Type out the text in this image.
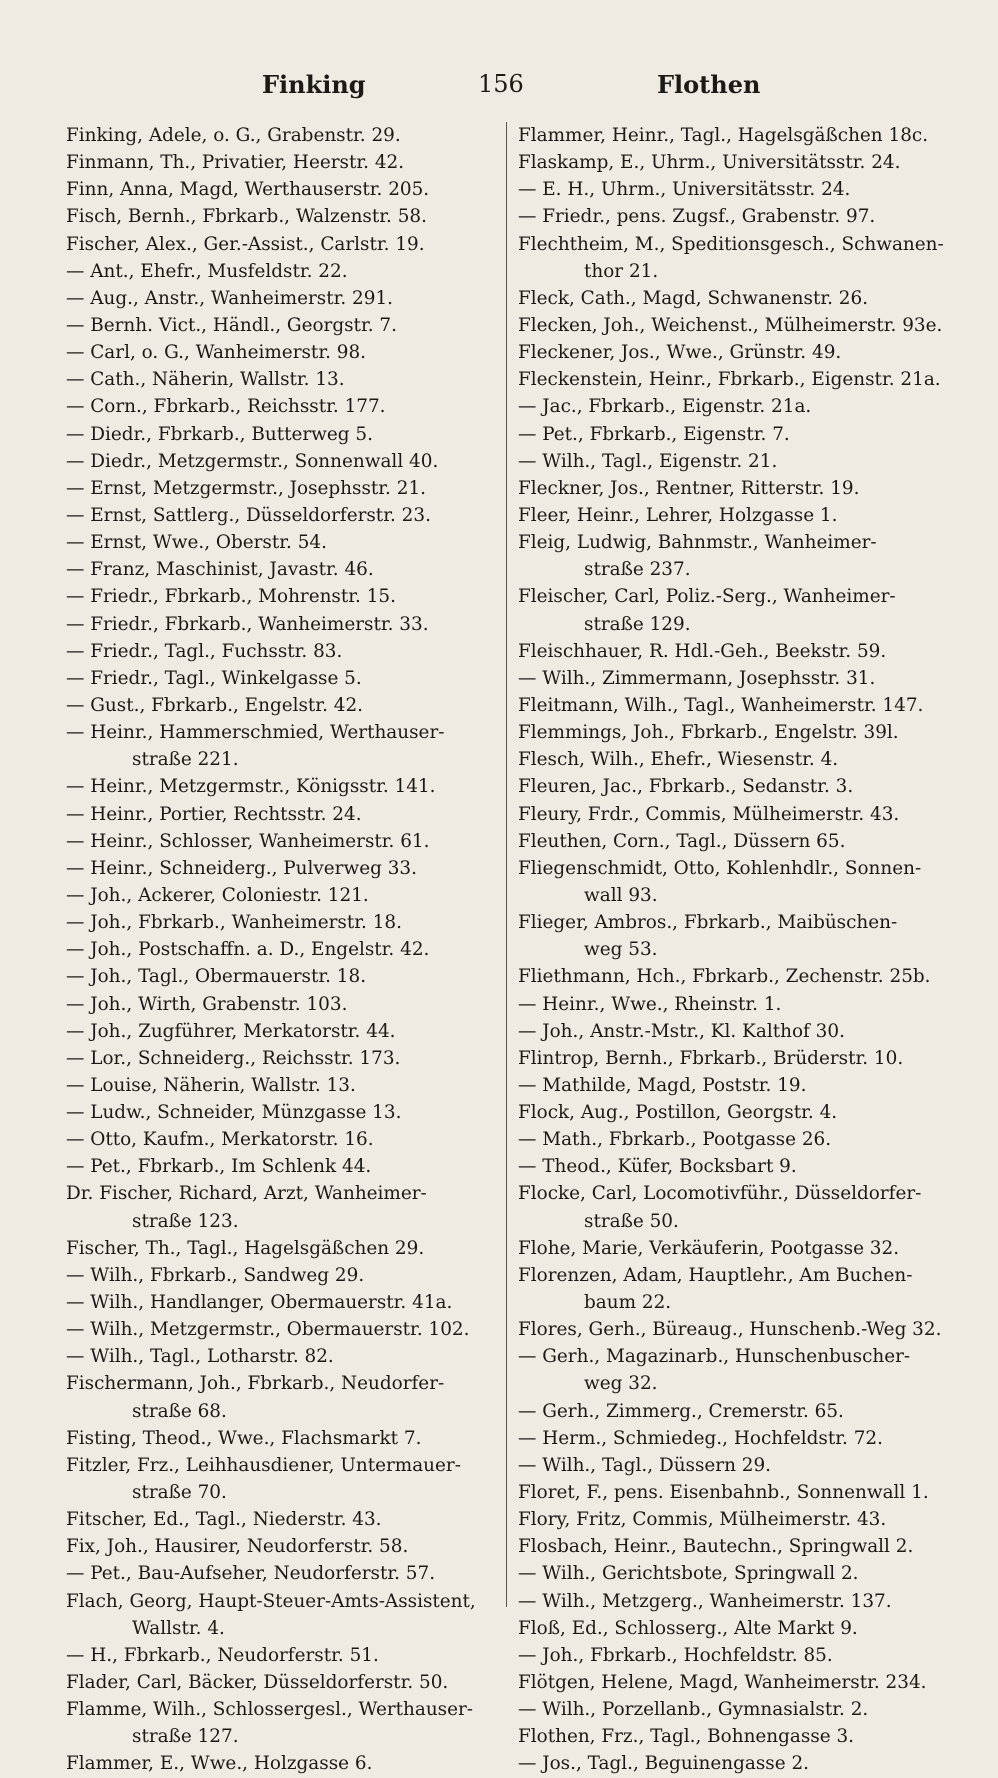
Finking	156	Flothen
Finking, Adele, o. G., Grabenstr. 29.
Finmann, Th., Privatier, Heerstr. 42.
Finn, Anna, Magd, Werthauserstr. 205.
Fisch, Bernh., Fbrkarb., Walzenstr. 58.
Fischer, Alex., Ger.-Assist., Carlstr. 19.
— Ant., Ehefr., Musfeldstr. 22.
— Aug., Anstr., Wanheimerstr. 291.
— Bernh. Vict., Händl., Georgstr. 7.
— Carl, o. G., Wanheimerstr. 98.
— Cath., Näherin, Wallstr. 13.
— Corn., Fbrkarb., Reichsstr. 177.
— Diedr., Fbrkarb., Butterweg 5.
— Diedr., Metzgermstr., Sonnenwall 40.
— Ernst, Metzgermstr., Josephsstr. 21.
— Ernst, Sattlerg., Düsseldorferstr. 23.
— Ernst, Wwe., Oberstr. 54.
— Franz, Maschinist, Javastr. 46.
— Friedr., Fbrkarb., Mohrenstr. 15.
— Friedr., Fbrkarb., Wanheimerstr. 33.
— Friedr., Tagl., Fuchsstr. 83.
— Friedr., Tagl., Winkelgasse 5.
— Gust., Fbrkarb., Engelstr. 42.
— Heinr., Hammerschmied, Werthauser-
straße 221.
— Heinr., Metzgermstr., Königsstr. 141.
— Heinr., Portier, Rechtsstr. 24.
— Heinr., Schlosser, Wanheimerstr. 61.
— Heinr., Schneiderg., Pulverweg 33.
— Joh., Ackerer, Coloniestr. 121.
— Joh., Fbrkarb., Wanheimerstr. 18.
— Joh., Postschaffn. a. D., Engelstr. 42.
— Joh., Tagl., Obermauerstr. 18.
— Joh., Wirth, Grabenstr. 103.
— Joh., Zugführer, Merkatorstr. 44.
— Lor., Schneiderg., Reichsstr. 173.
— Louise, Näherin, Wallstr. 13.
— Ludw., Schneider, Münzgasse 13.
— Otto, Kaufm., Merkatorstr. 16.
— Pet., Fbrkarb., Im Schlenk 44.
Dr. Fischer, Richard, Arzt, Wanheimer-
straße 123.
Fischer, Th., Tagl., Hagelsgäßchen 29.
— Wilh., Fbrkarb., Sandweg 29.
— Wilh., Handlanger, Obermauerstr. 41a.
— Wilh., Metzgermstr., Obermauerstr. 102.
— Wilh., Tagl., Lotharstr. 82.
Fischermann, Joh., Fbrkarb., Neudorfer-
straße 68.
Fisting, Theod., Wwe., Flachsmarkt 7.
Fitzler, Frz., Leihhausdiener, Untermauer-
straße 70.
Fitscher, Ed., Tagl., Niederstr. 43.
Fix, Joh., Hausirer, Neudorferstr. 58.
— Pet., Bau-Aufseher, Neudorferstr. 57.
Flach, Georg, Haupt-Steuer-Amts-Assistent,
Wallstr. 4.
— H., Fbrkarb., Neudorferstr. 51.
Flader, Carl, Bäcker, Düsseldorferstr. 50.
Flamme, Wilh., Schlossergesl., Werthauser-
straße 127.
Flammer, E., Wwe., Holzgasse 6.
Flammer, Heinr., Tagl., Hagelsgäßchen 18c.
Flaskamp, E., Uhrm., Universitätsstr. 24.
— E. H., Uhrm., Universitätsstr. 24.
— Friedr., pens. Zugsf., Grabenstr. 97.
Flechtheim, M., Speditionsgesch., Schwanen-
thor 21.
Fleck, Cath., Magd, Schwanenstr. 26.
Flecken, Joh., Weichenst., Mülheimerstr. 93e.
Fleckener, Jos., Wwe., Grünstr. 49.
Fleckenstein, Heinr., Fbrkarb., Eigenstr. 21a.
— Jac., Fbrkarb., Eigenstr. 21a.
— Pet., Fbrkarb., Eigenstr. 7.
— Wilh., Tagl., Eigenstr. 21.
Fleckner, Jos., Rentner, Ritterstr. 19.
Fleer, Heinr., Lehrer, Holzgasse 1.
Fleig, Ludwig, Bahnmstr., Wanheimer-
straße 237.
Fleischer, Carl, Poliz.-Serg., Wanheimer-
straße 129.
Fleischhauer, R. Hdl.-Geh., Beekstr. 59.
— Wilh., Zimmermann, Josephsstr. 31.
Fleitmann, Wilh., Tagl., Wanheimerstr. 147.
Flemmings, Joh., Fbrkarb., Engelstr. 39l.
Flesch, Wilh., Ehefr., Wiesenstr. 4.
Fleuren, Jac., Fbrkarb., Sedanstr. 3.
Fleury, Frdr., Commis, Mülheimerstr. 43.
Fleuthen, Corn., Tagl., Düssern 65.
Fliegenschmidt, Otto, Kohlenhdlr., Sonnen-
wall 93.
Flieger, Ambros., Fbrkarb., Maibüschen-
weg 53.
Fliethmann, Hch., Fbrkarb., Zechenstr. 25b.
— Heinr., Wwe., Rheinstr. 1.
— Joh., Anstr.-Mstr., Kl. Kalthof 30.
Flintrop, Bernh., Fbrkarb., Brüderstr. 10.
— Mathilde, Magd, Poststr. 19.
Flock, Aug., Postillon, Georgstr. 4.
— Math., Fbrkarb., Pootgasse 26.
— Theod., Küfer, Bocksbart 9.
Flocke, Carl, Locomotivführ., Düsseldorfer-
straße 50.
Flohe, Marie, Verkäuferin, Pootgasse 32.
Florenzen, Adam, Hauptlehr., Am Buchen-
baum 22.
Flores, Gerh., Büreaug., Hunschenb.-Weg 32.
— Gerh., Magazinarb., Hunschenbuscher-
weg 32.
— Gerh., Zimmerg., Cremerstr. 65.
— Herm., Schmiedeg., Hochfeldstr. 72.
— Wilh., Tagl., Düssern 29.
Floret, F., pens. Eisenbahnb., Sonnenwall 1.
Flory, Fritz, Commis, Mülheimerstr. 43.
Flosbach, Heinr., Bautechn., Springwall 2.
— Wilh., Gerichtsbote, Springwall 2.
— Wilh., Metzgerg., Wanheimerstr. 137.
Floß, Ed., Schlosserg., Alte Markt 9.
— Joh., Fbrkarb., Hochfeldstr. 85.
Flötgen, Helene, Magd, Wanheimerstr. 234.
— Wilh., Porzellanb., Gymnasialstr. 2.
Flothen, Frz., Tagl., Bohnengasse 3.
— Jos., Tagl., Beguinengasse 2.
